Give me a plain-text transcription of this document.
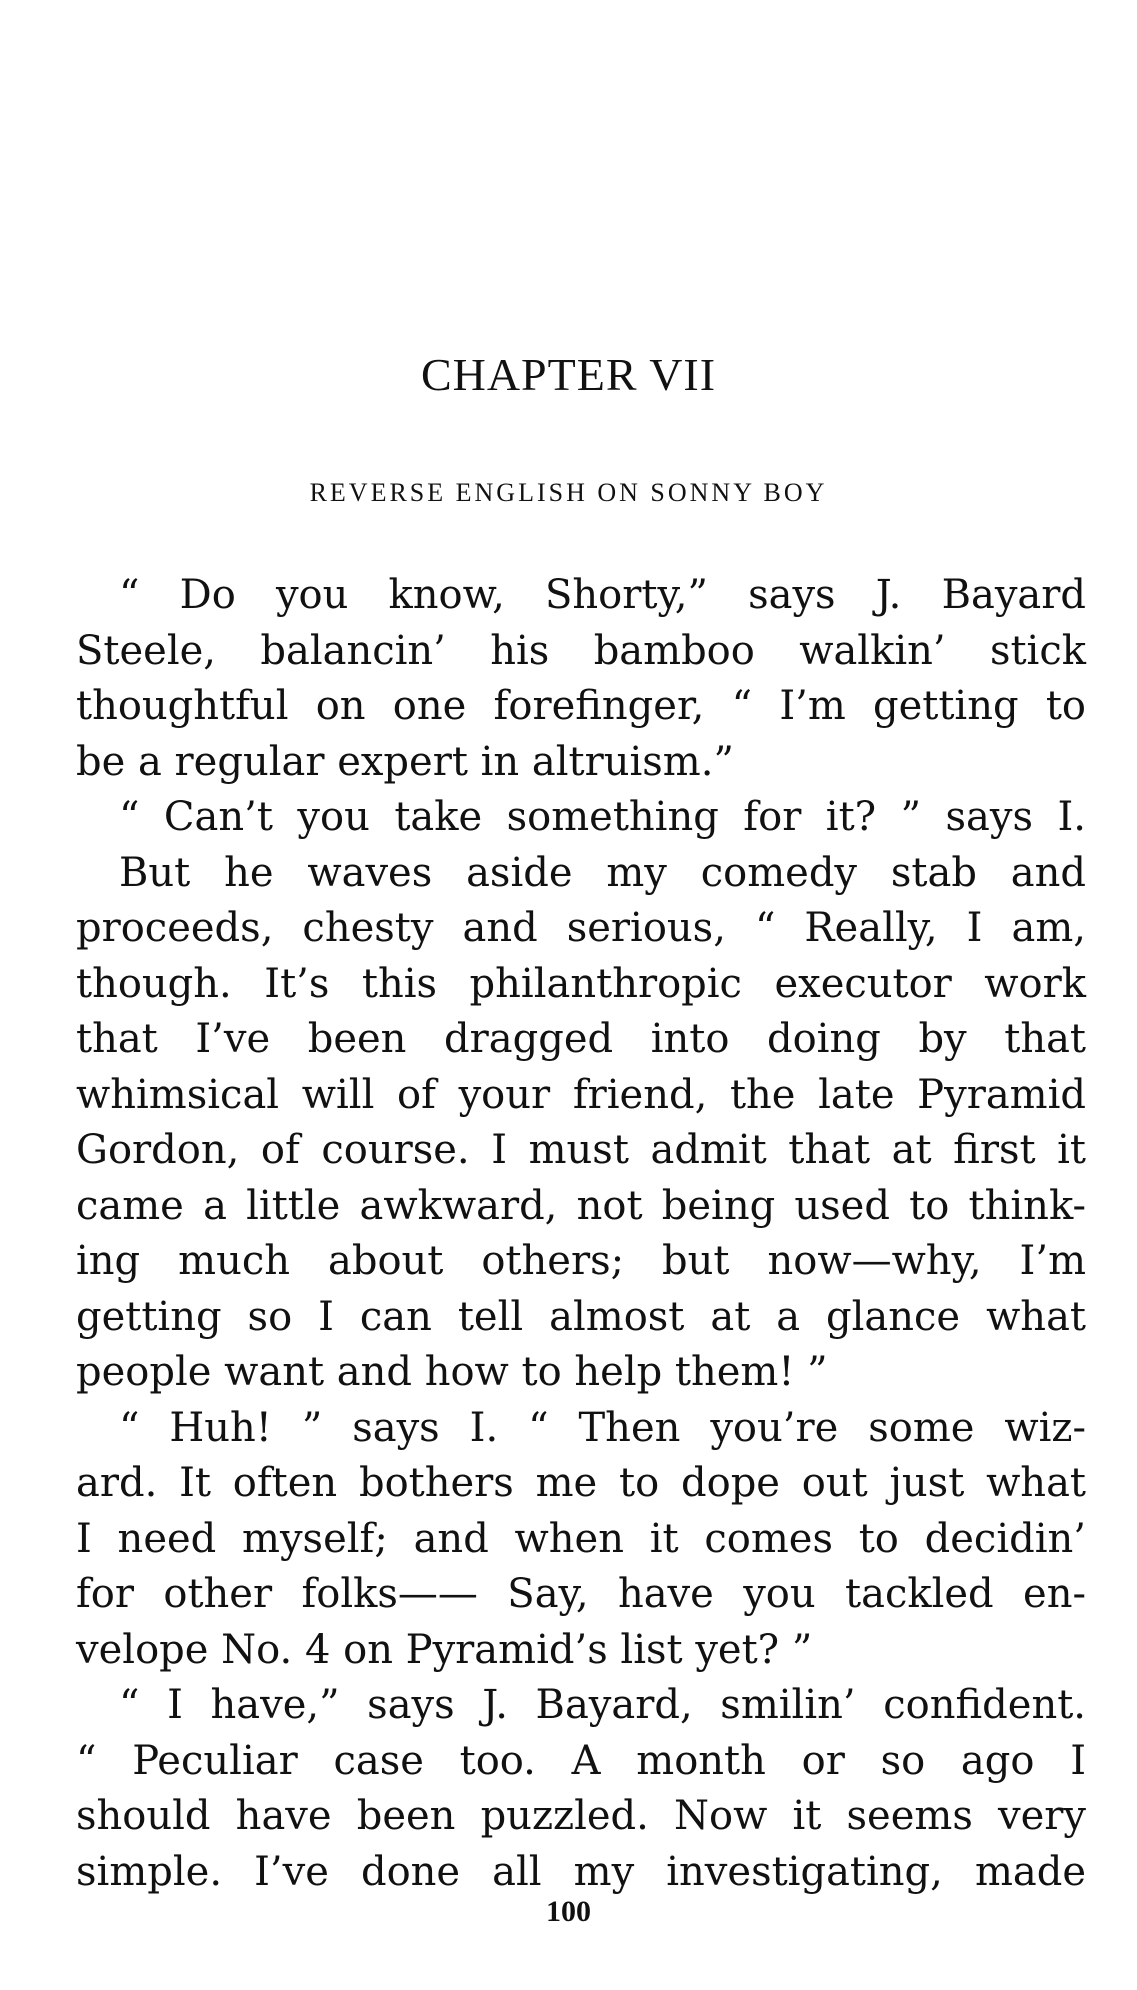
CHAPTER VII
REVERSE ENGLISH ON SONNY BOY
“ Do you know, Shorty,” says J. Bayard
Steele, balancin’ his bamboo walkin’ stick
thoughtful on one forefinger, “ I’m getting to
be a regular expert in altruism.”
“ Can’t you take something for it? ” says I.
But he waves aside my comedy stab and
proceeds, chesty and serious, “ Really, I am,
though. It’s this philanthropic executor work
that I’ve been dragged into doing by that
whimsical will of your friend, the late Pyramid
Gordon, of course. I must admit that at first it
came a little awkward, not being used to think-
ing much about others; but now—why, I’m
getting so I can tell almost at a glance what
people want and how to help them! ”
“ Huh! ” says I. “ Then you’re some wiz-
ard. It often bothers me to dope out just what
I need myself; and when it comes to decidin’
for other folks—— Say, have you tackled en-
velope No. 4 on Pyramid’s list yet? ”
“ I have,” says J. Bayard, smilin’ confident.
“ Peculiar case too. A month or so ago I
should have been puzzled. Now it seems very
simple. I’ve done all my investigating, made
100
